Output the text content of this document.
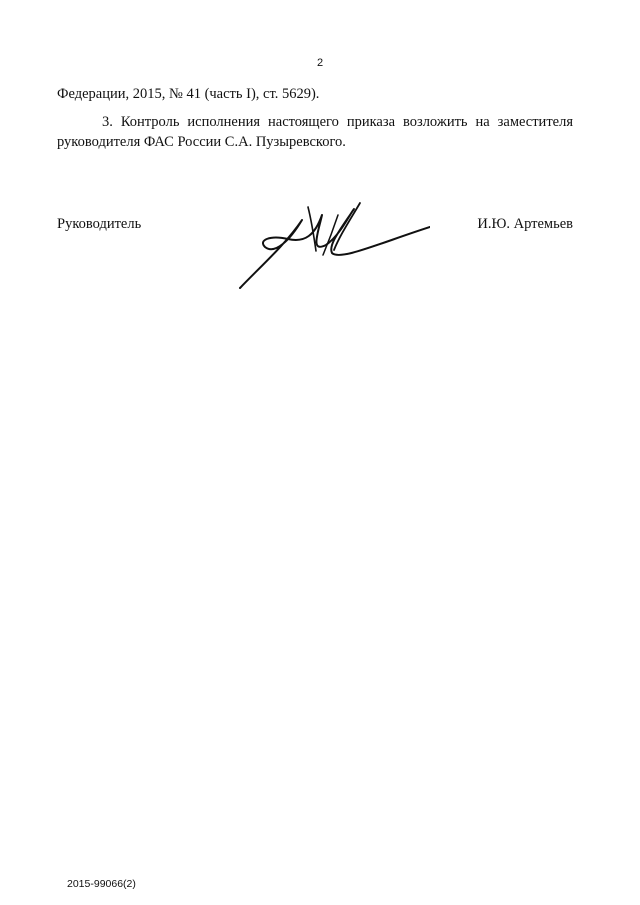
2
Федерации, 2015, № 41 (часть I), ст. 5629).
3. Контроль исполнения настоящего приказа возложить на заместителя руководителя ФАС России С.А. Пузыревского.
Руководитель	И.Ю. Артемьев
2015-99066(2)
